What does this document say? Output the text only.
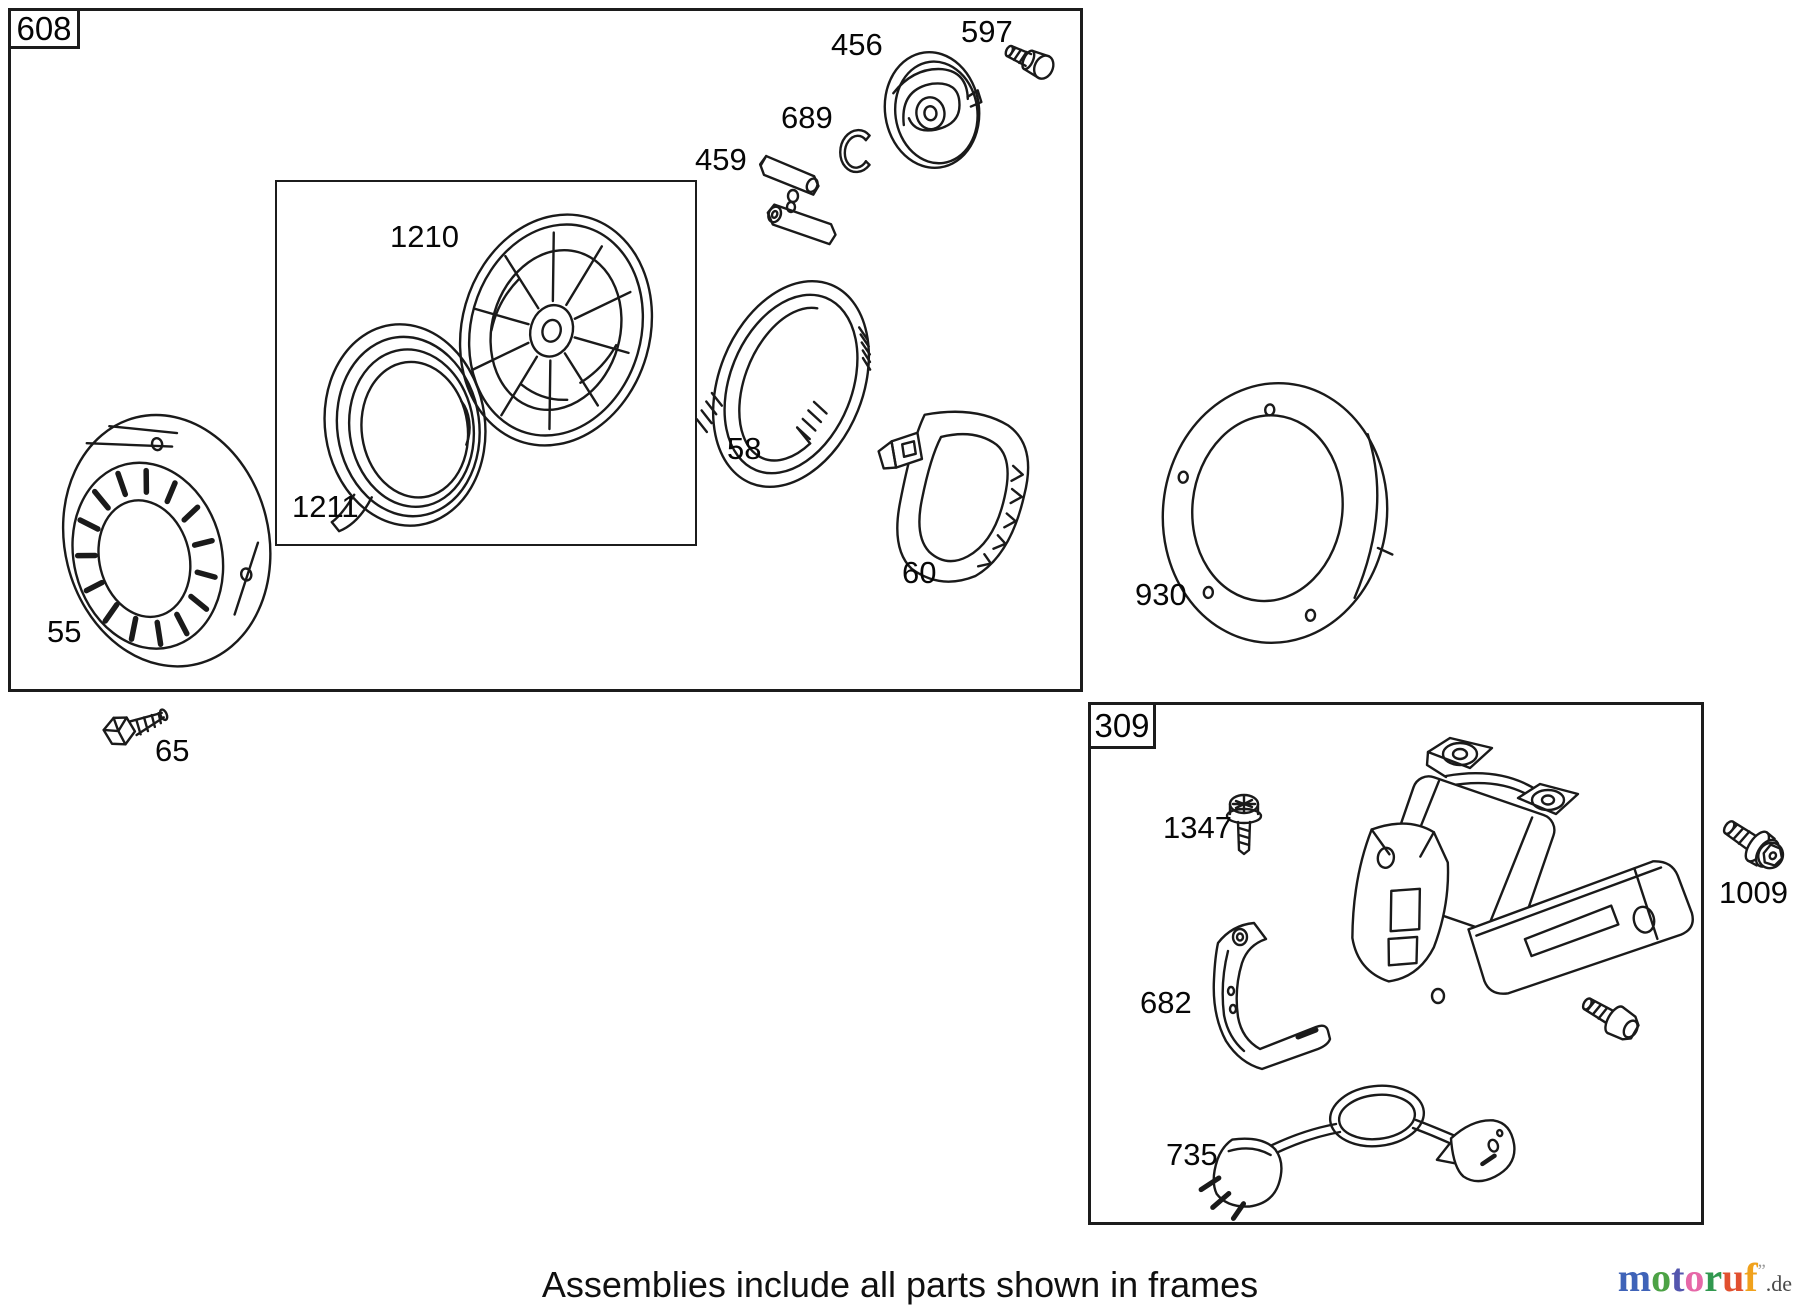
608
309
55
65
1210
1211
58
60
456	597
689
459
930
1347
682
735
1009
Assemblies include all parts shown in frames	motoruf”.de
